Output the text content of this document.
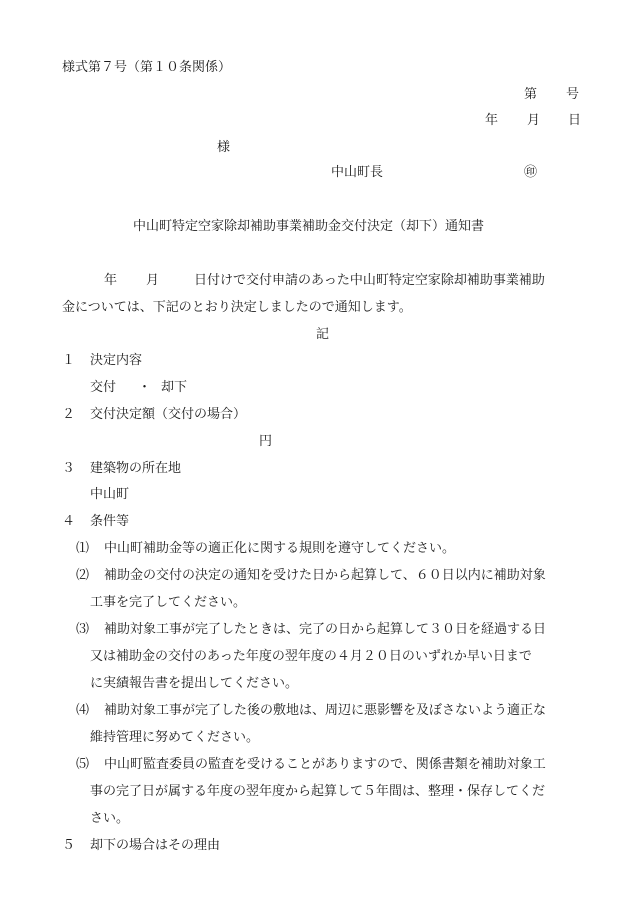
様式第７号（第１０条関係）
第 号
年 月 日
様
中山町長	㊞
中山町特定空家除却補助事業補助金交付決定（却下）通知書
年 月	日付けで交付申請のあった中山町特定空家除却補助事業補助
金については、下記のとおり決定しましたので通知します。
記
１ 決定内容
交付 ・ 却下
２ 交付決定額（交付の場合）
円
３ 建築物の所在地
中山町
４ 条件等
⑴ 中山町補助金等の適正化に関する規則を遵守してください。
⑵ 補助金の交付の決定の通知を受けた日から起算して、６０日以内に補助対象
工事を完了してください。
⑶ 補助対象工事が完了したときは、完了の日から起算して３０日を経過する日
又は補助金の交付のあった年度の翌年度の４月２０日のいずれか早い日まで
に実績報告書を提出してください。
⑷ 補助対象工事が完了した後の敷地は、周辺に悪影響を及ぼさないよう適正な
維持管理に努めてください。
⑸ 中山町監査委員の監査を受けることがありますので、関係書類を補助対象工
事の完了日が属する年度の翌年度から起算して５年間は、整理・保存してくだ
さい。
５ 却下の場合はその理由
